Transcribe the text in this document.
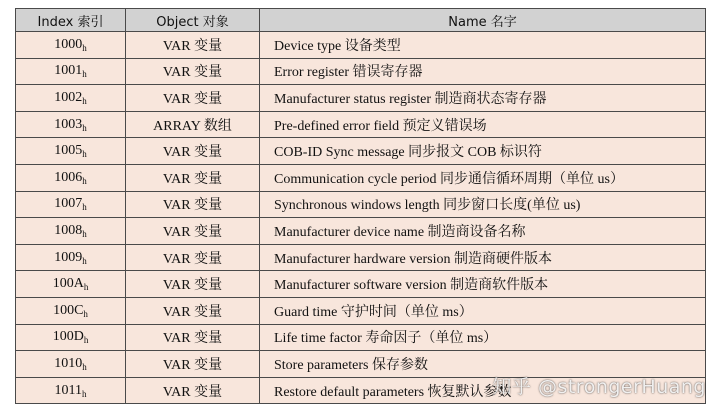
Index 索引	Object 对象	Name 名字
$1000_h$	VAR 变量	Device type 设备类型
$1001_h$	VAR 变量	Error register 错误寄存器
$1002_h$	VAR 变量	Manufacturer status register 制造商状态寄存器
$1003_h$	ARRAY 数组	Pre-defined error field 预定义错误场
$1005_h$	VAR 变量	COB-ID Sync message 同步报文 COB 标识符
$1006_h$	VAR 变量	Communication cycle period 同步通信循环周期（单位 us）
$1007_h$	VAR 变量	Synchronous windows length 同步窗口长度(单位 us)
$1008_h$	VAR 变量	Manufacturer device name 制造商设备名称
$1009_h$	VAR 变量	Manufacturer hardware version 制造商硬件版本
$100A_h$	VAR 变量	Manufacturer software version 制造商软件版本
$100C_h$	VAR 变量	Guard time 守护时间（单位 ms）
$100D_h$	VAR 变量	Life time factor 寿命因子（单位 ms）
$1010_h$	VAR 变量	Store parameters 保存参数
$1011_h$	VAR 变量	Restore default parameters 恢复默认参数
知乎 @strongerHuang
